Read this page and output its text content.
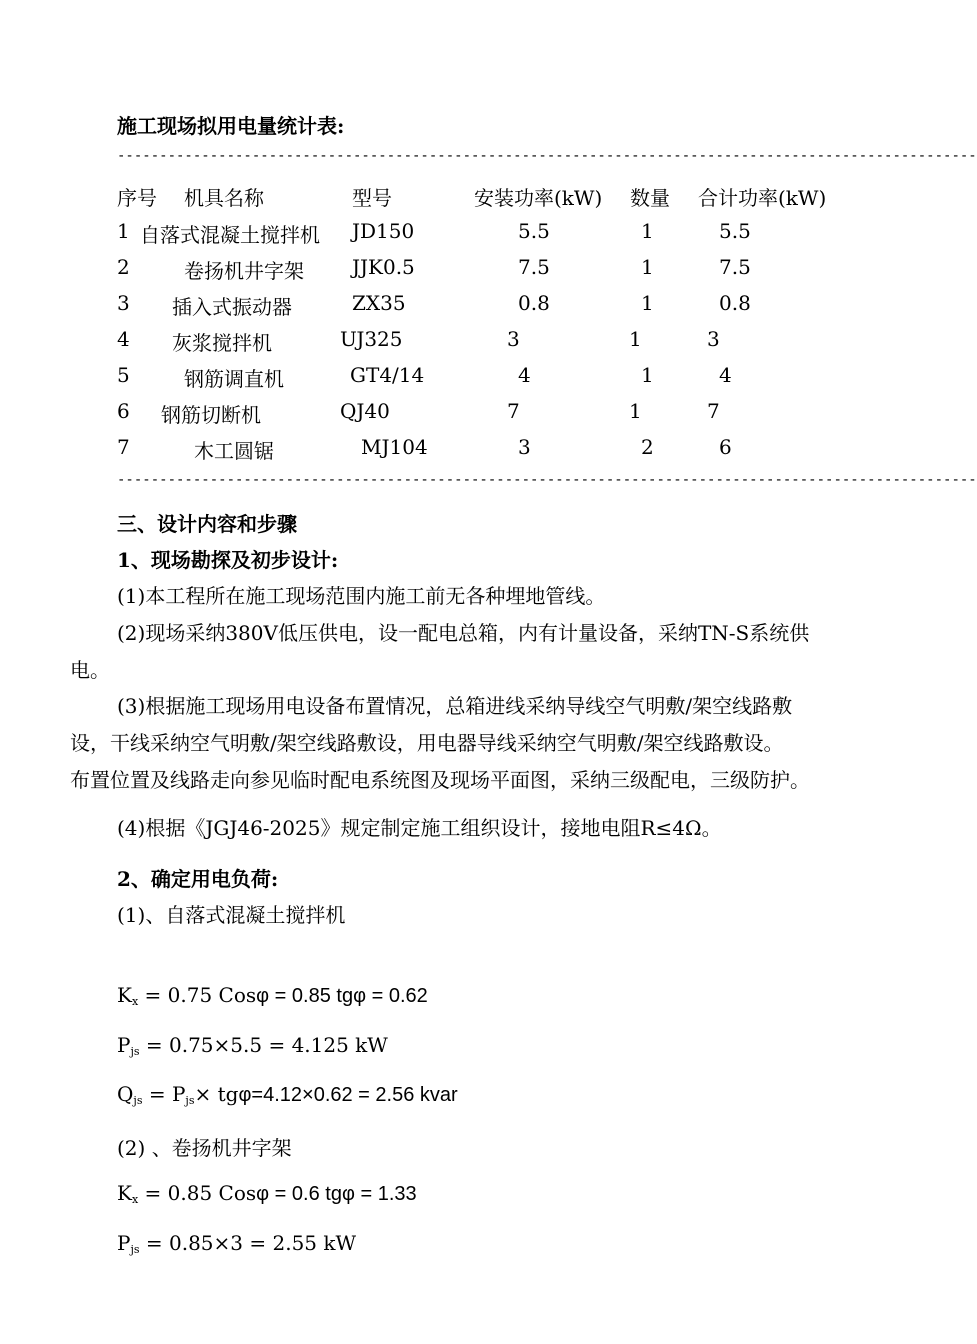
施工现场拟用电量统计表:
------------------------------------------------------------------------------------------------------
序号 机具名称	型号	安装功率(kW) 数量 合计功率(kW)
1 自落式混凝土搅拌机 JD150	5.5	1	5.5
2	卷扬机井字架 JJK0.5	7.5	1	7.5
3 插入式振动器	ZX35	0.8	1	0.8
4 灰浆搅拌机	UJ325	3	1	3
5	钢筋调直机	GT4/14	4	1	4
6 钢筋切断机	QJ40	7	1	7
7	木工圆锯	MJ104	3	2	6
------------------------------------------------------------------------------------------------------
三、设计内容和步骤
1、现场勘探及初步设计:
(1)本工程所在施工现场范围内施工前无各种埋地管线。
(2)现场采纳380V低压供电，设一配电总箱，内有计量设备，采纳TN-S系统供
电。
(3)根据施工现场用电设备布置情况，总箱进线采纳导线空气明敷/架空线路敷
设，干线采纳空气明敷/架空线路敷设，用电器导线采纳空气明敷/架空线路敷设。
布置位置及线路走向参见临时配电系统图及现场平面图，采纳三级配电，三级防护。
(4)根据《JGJ46-2025》规定制定施工组织设计，接地电阻R≤4Ω。
2、确定用电负荷:
(1)、自落式混凝土搅拌机
$K_x = 0.75$ Cosφ = 0.85 tgφ = 0.62
$P_{js} = 0.75\times 5.5 = 4.125$ kW
$Q_{js} = P_{js}\times tg\varphi=4.12\times 0.62 = 2.56$ kvar
(2) 、卷扬机井字架
$K_x = 0.85$ Cosφ = 0.6 tgφ = 1.33
$P_{js} = 0.85\times 3 = 2.55$ kW
